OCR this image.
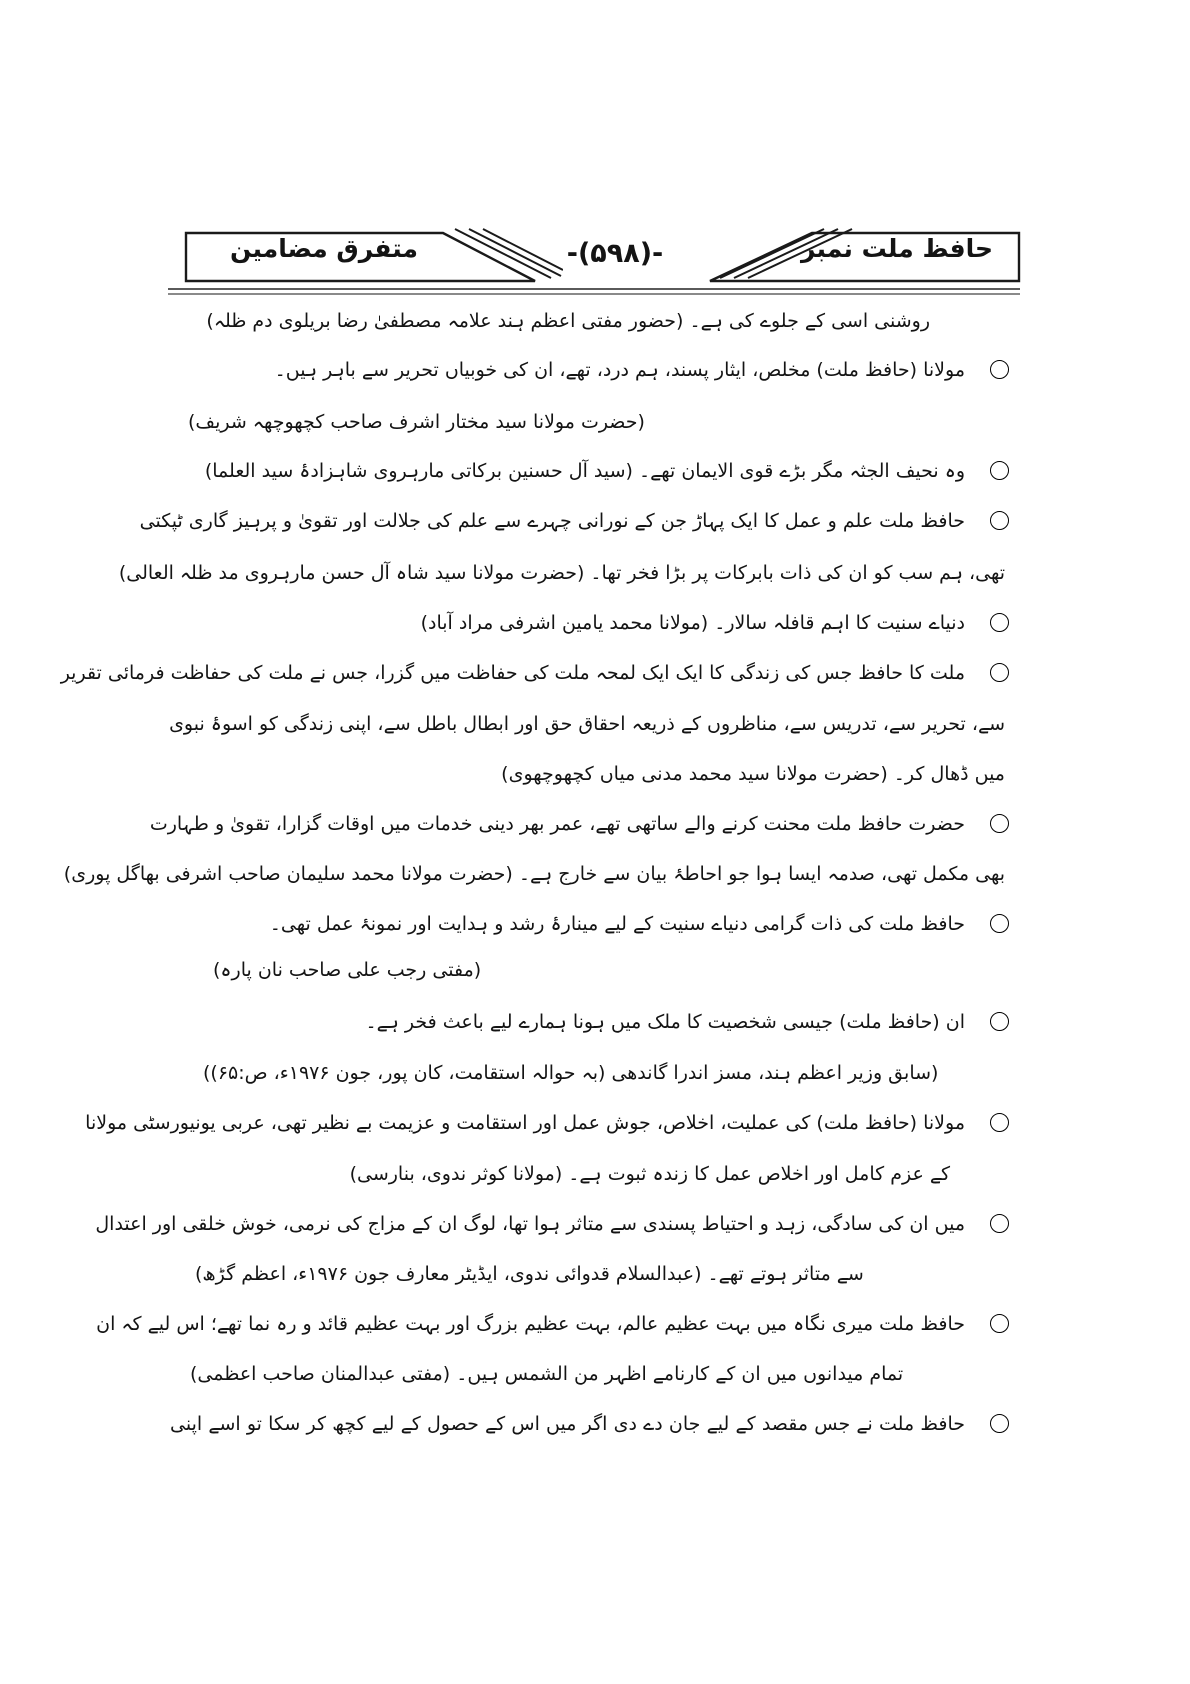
حافظ ملت نمبر
-(۵۹۸)-
متفرق مضامین
روشنی اسی کے جلوے کی ہے۔ (حضور مفتی اعظم ہند علامہ مصطفیٰ رضا بریلوی دم ظلہ)
مولانا (حافظ ملت) مخلص، ایثار پسند، ہم درد، تھے، ان کی خوبیاں تحریر سے باہر ہیں۔
(حضرت مولانا سید مختار اشرف صاحب کچھوچھہ شریف)
وہ نحیف الجثہ مگر بڑے قوی الایمان تھے۔ (سید آل حسنین برکاتی مارہروی شاہزادۂ سید العلما)
حافظ ملت علم و عمل کا ایک پہاڑ جن کے نورانی چہرے سے علم کی جلالت اور تقویٰ و پرہیز گاری ٹپکتی
تھی، ہم سب کو ان کی ذات بابرکات پر بڑا فخر تھا۔ (حضرت مولانا سید شاہ آل حسن مارہروی مد ظلہ العالی)
دنیاے سنیت کا اہم قافلہ سالار۔ (مولانا محمد یامین اشرفی مراد آباد)
ملت کا حافظ جس کی زندگی کا ایک ایک لمحہ ملت کی حفاظت میں گزرا، جس نے ملت کی حفاظت فرمائی تقریر
سے، تحریر سے، تدریس سے، مناظروں کے ذریعہ احقاق حق اور ابطال باطل سے، اپنی زندگی کو اسوۂ نبوی
میں ڈھال کر۔ (حضرت مولانا سید محمد مدنی میاں کچھوچھوی)
حضرت حافظ ملت محنت کرنے والے ساتھی تھے، عمر بھر دینی خدمات میں اوقات گزارا، تقویٰ و طہارت
بھی مکمل تھی، صدمہ ایسا ہوا جو احاطۂ بیان سے خارج ہے۔ (حضرت مولانا محمد سلیمان صاحب اشرفی بھاگل پوری)
حافظ ملت کی ذات گرامی دنیاے سنیت کے لیے مینارۂ رشد و ہدایت اور نمونۂ عمل تھی۔
(مفتی رجب علی صاحب نان پارہ)
ان (حافظ ملت) جیسی شخصیت کا ملک میں ہونا ہمارے لیے باعث فخر ہے۔
(سابق وزیر اعظم ہند، مسز اندرا گاندھی (بہ حوالہ استقامت، کان پور، جون ۱۹۷۶ء، ص:۶۵))
مولانا (حافظ ملت) کی عملیت، اخلاص، جوش عمل اور استقامت و عزیمت بے نظیر تھی، عربی یونیورسٹی مولانا
کے عزم کامل اور اخلاص عمل کا زندہ ثبوت ہے۔ (مولانا کوثر ندوی، بنارسی)
میں ان کی سادگی، زہد و احتیاط پسندی سے متاثر ہوا تھا، لوگ ان کے مزاج کی نرمی، خوش خلقی اور اعتدال
سے متاثر ہوتے تھے۔ (عبدالسلام قدوائی ندوی، ایڈیٹر معارف جون ۱۹۷۶ء، اعظم گڑھ)
حافظ ملت میری نگاہ میں بہت عظیم عالم، بہت عظیم بزرگ اور بہت عظیم قائد و رہ نما تھے؛ اس لیے کہ ان
تمام میدانوں میں ان کے کارنامے اظہر من الشمس ہیں۔ (مفتی عبدالمنان صاحب اعظمی)
حافظ ملت نے جس مقصد کے لیے جان دے دی اگر میں اس کے حصول کے لیے کچھ کر سکا تو اسے اپنی
